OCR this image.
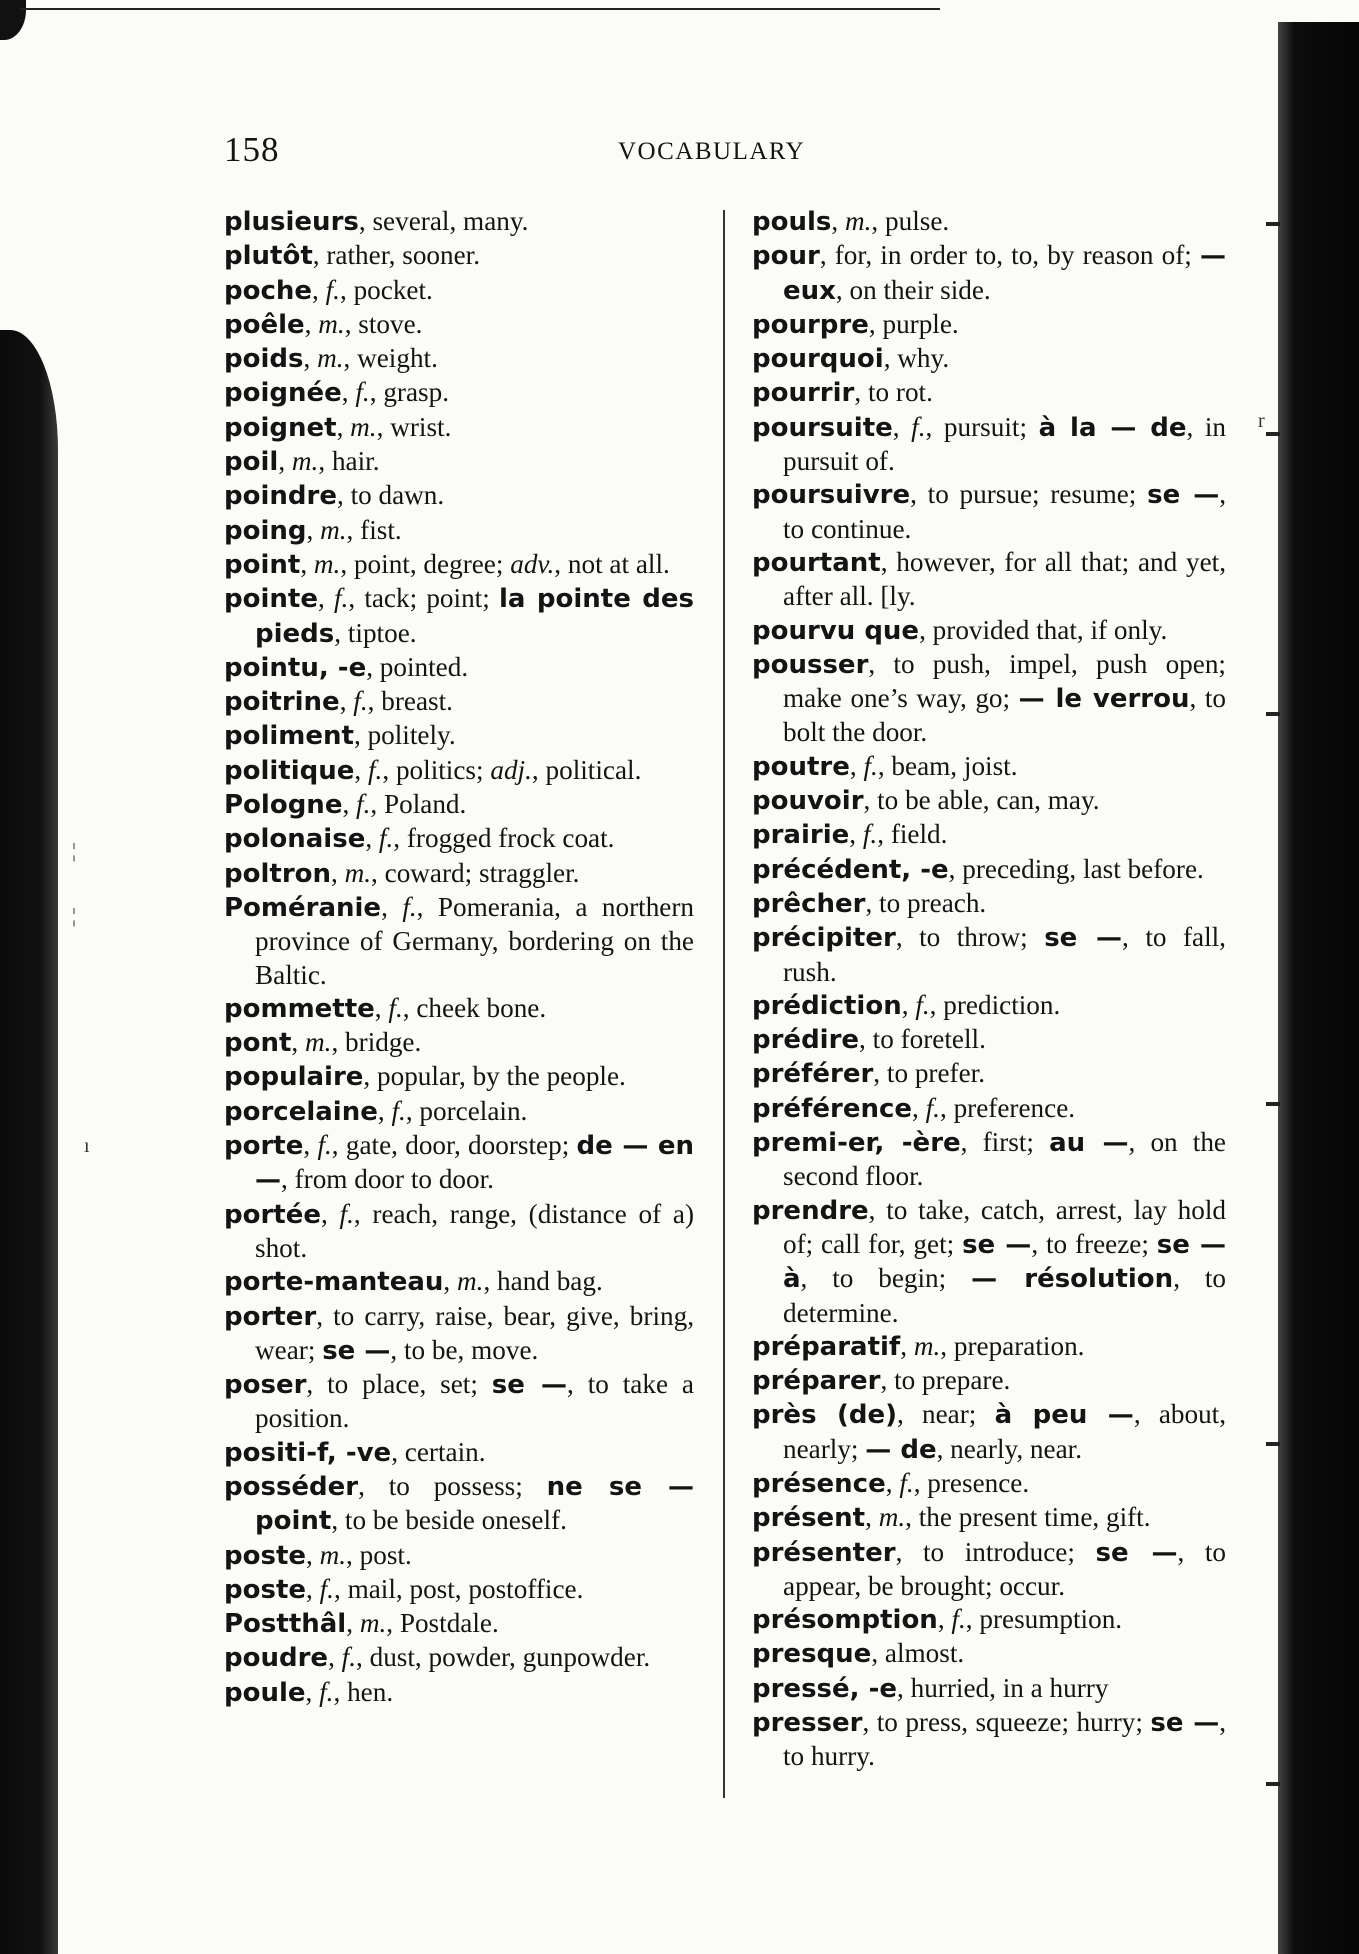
¦
¦
ı
r
158	VOCABULARY
plusieurs, several, many.
plutôt, rather, sooner.
poche, f., pocket.
poêle, m., stove.
poids, m., weight.
poignée, f., grasp.
poignet, m., wrist.
poil, m., hair.
poindre, to dawn.
poing, m., fist.
point, m., point, degree; adv., not at all.
pointe, f., tack; point; la pointe des pieds, tiptoe.
pointu, -e, pointed.
poitrine, f., breast.
poliment, politely.
politique, f., politics; adj., political.
Pologne, f., Poland.
polonaise, f., frogged frock coat.
poltron, m., coward; straggler.
Poméranie, f., Pomerania, a northern province of Germany, bordering on the Baltic.
pommette, f., cheek bone.
pont, m., bridge.
populaire, popular, by the people.
porcelaine, f., porcelain.
porte, f., gate, door, doorstep; de — en —, from door to door.
portée, f., reach, range, (distance of a) shot.
porte-manteau, m., hand bag.
porter, to carry, raise, bear, give, bring, wear; se —, to be, move.
poser, to place, set; se —, to take a position.
positi-f, -ve, certain.
posséder, to possess; ne se — point, to be beside oneself.
poste, m., post.
poste, f., mail, post, postoffice.
Postthâl, m., Postdale.
poudre, f., dust, powder, gunpowder.
poule, f., hen.
pouls, m., pulse.
pour, for, in order to, to, by reason of; — eux, on their side.
pourpre, purple.
pourquoi, why.
pourrir, to rot.
poursuite, f., pursuit; à la — de, in pursuit of.
poursuivre, to pursue; resume; se —, to continue.
pourtant, however, for all that; and yet, after all. [ly.
pourvu que, provided that, if only.
pousser, to push, impel, push open; make one’s way, go; — le verrou, to bolt the door.
poutre, f., beam, joist.
pouvoir, to be able, can, may.
prairie, f., field.
précédent, -e, preceding, last before.
prêcher, to preach.
précipiter, to throw; se —, to fall, rush.
prédiction, f., prediction.
prédire, to foretell.
préférer, to prefer.
préférence, f., preference.
premi-er, -ère, first; au —, on the second floor.
prendre, to take, catch, arrest, lay hold of; call for, get; se —, to freeze; se — à, to begin; — résolution, to determine.
préparatif, m., preparation.
préparer, to prepare.
près (de), near; à peu —, about, nearly; — de, nearly, near.
présence, f., presence.
présent, m., the present time, gift.
présenter, to introduce; se —, to appear, be brought; occur.
présomption, f., presumption.
presque, almost.
pressé, -e, hurried, in a hurry
presser, to press, squeeze; hurry; se —, to hurry.
